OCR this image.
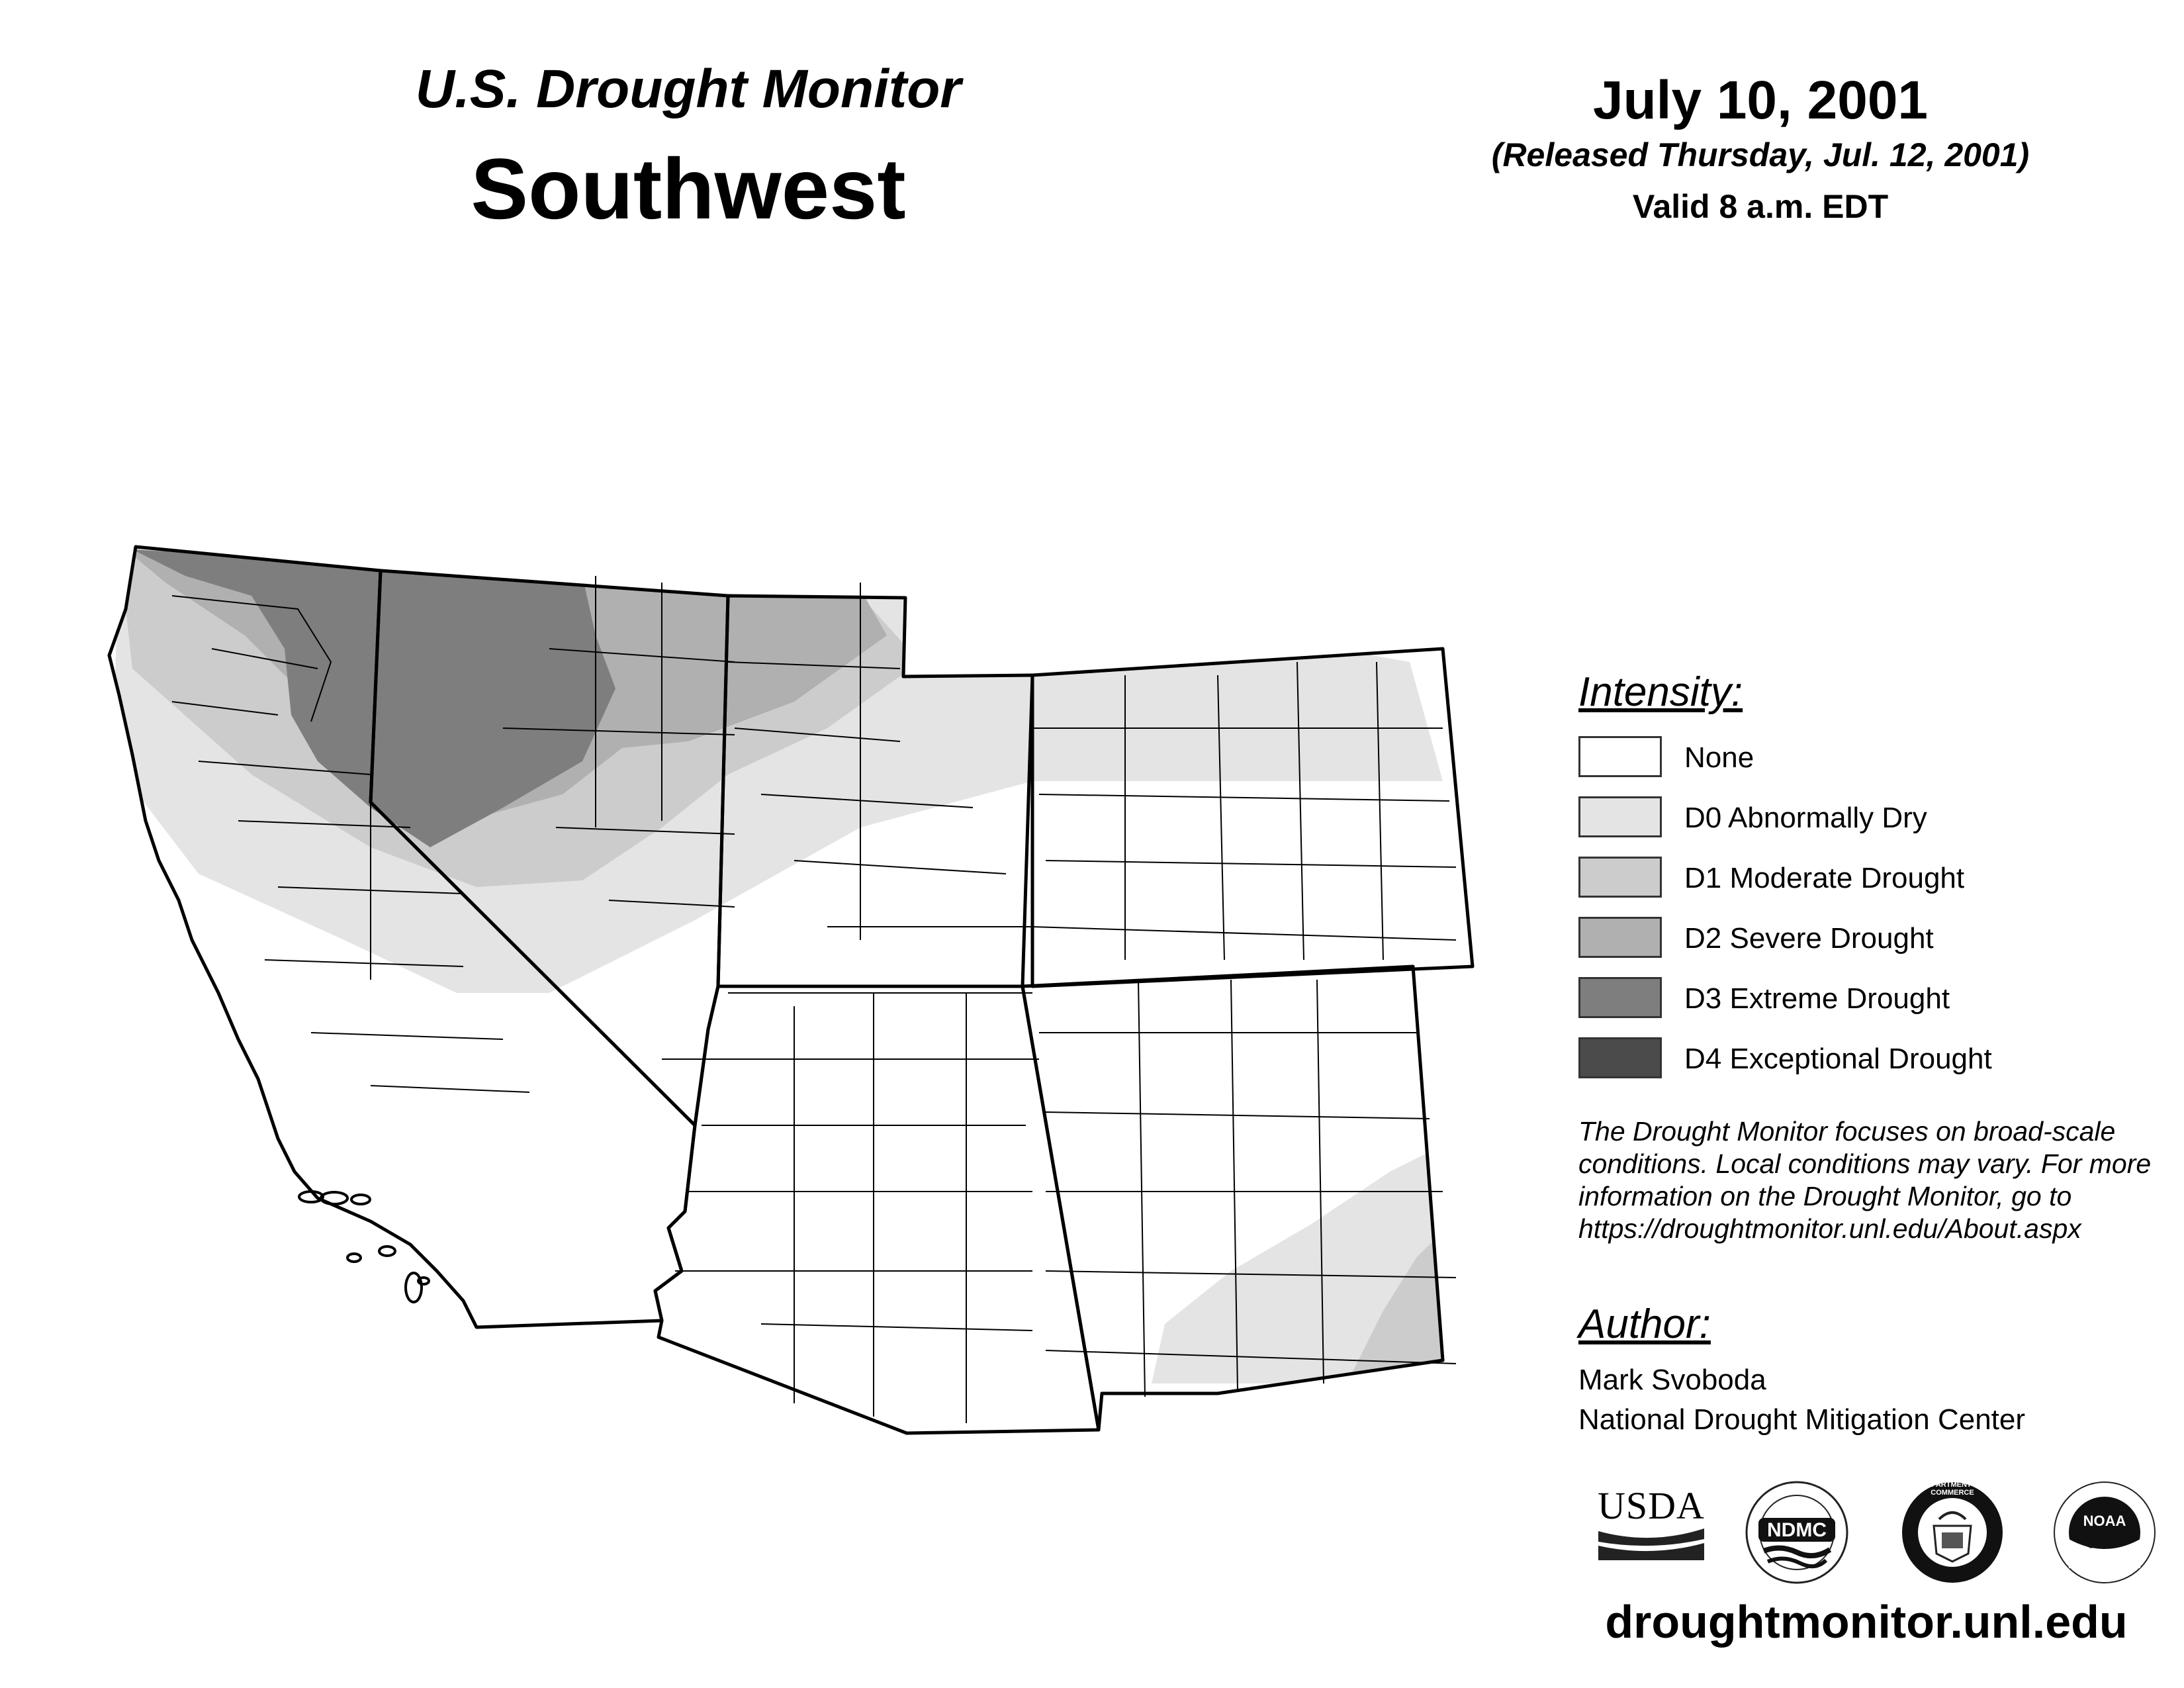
U.S. Drought Monitor
Southwest
July 10, 2001
(Released Thursday, Jul. 12, 2001)
Valid 8 a.m. EDT
Intensity:
None
D0 Abnormally Dry
D1 Moderate Drought
D2 Severe Drought
D3 Extreme Drought
D4 Exceptional Drought
The Drought Monitor focuses on broad-scale conditions. Local conditions may vary. For more information on the Drought Monitor, go to https://droughtmonitor.unl.edu/About.aspx
Author:
Mark Svoboda
National Drought Mitigation Center
USDA
NDMC
DEPARTMENT OF COMMERCE
NOAA
droughtmonitor.unl.edu
